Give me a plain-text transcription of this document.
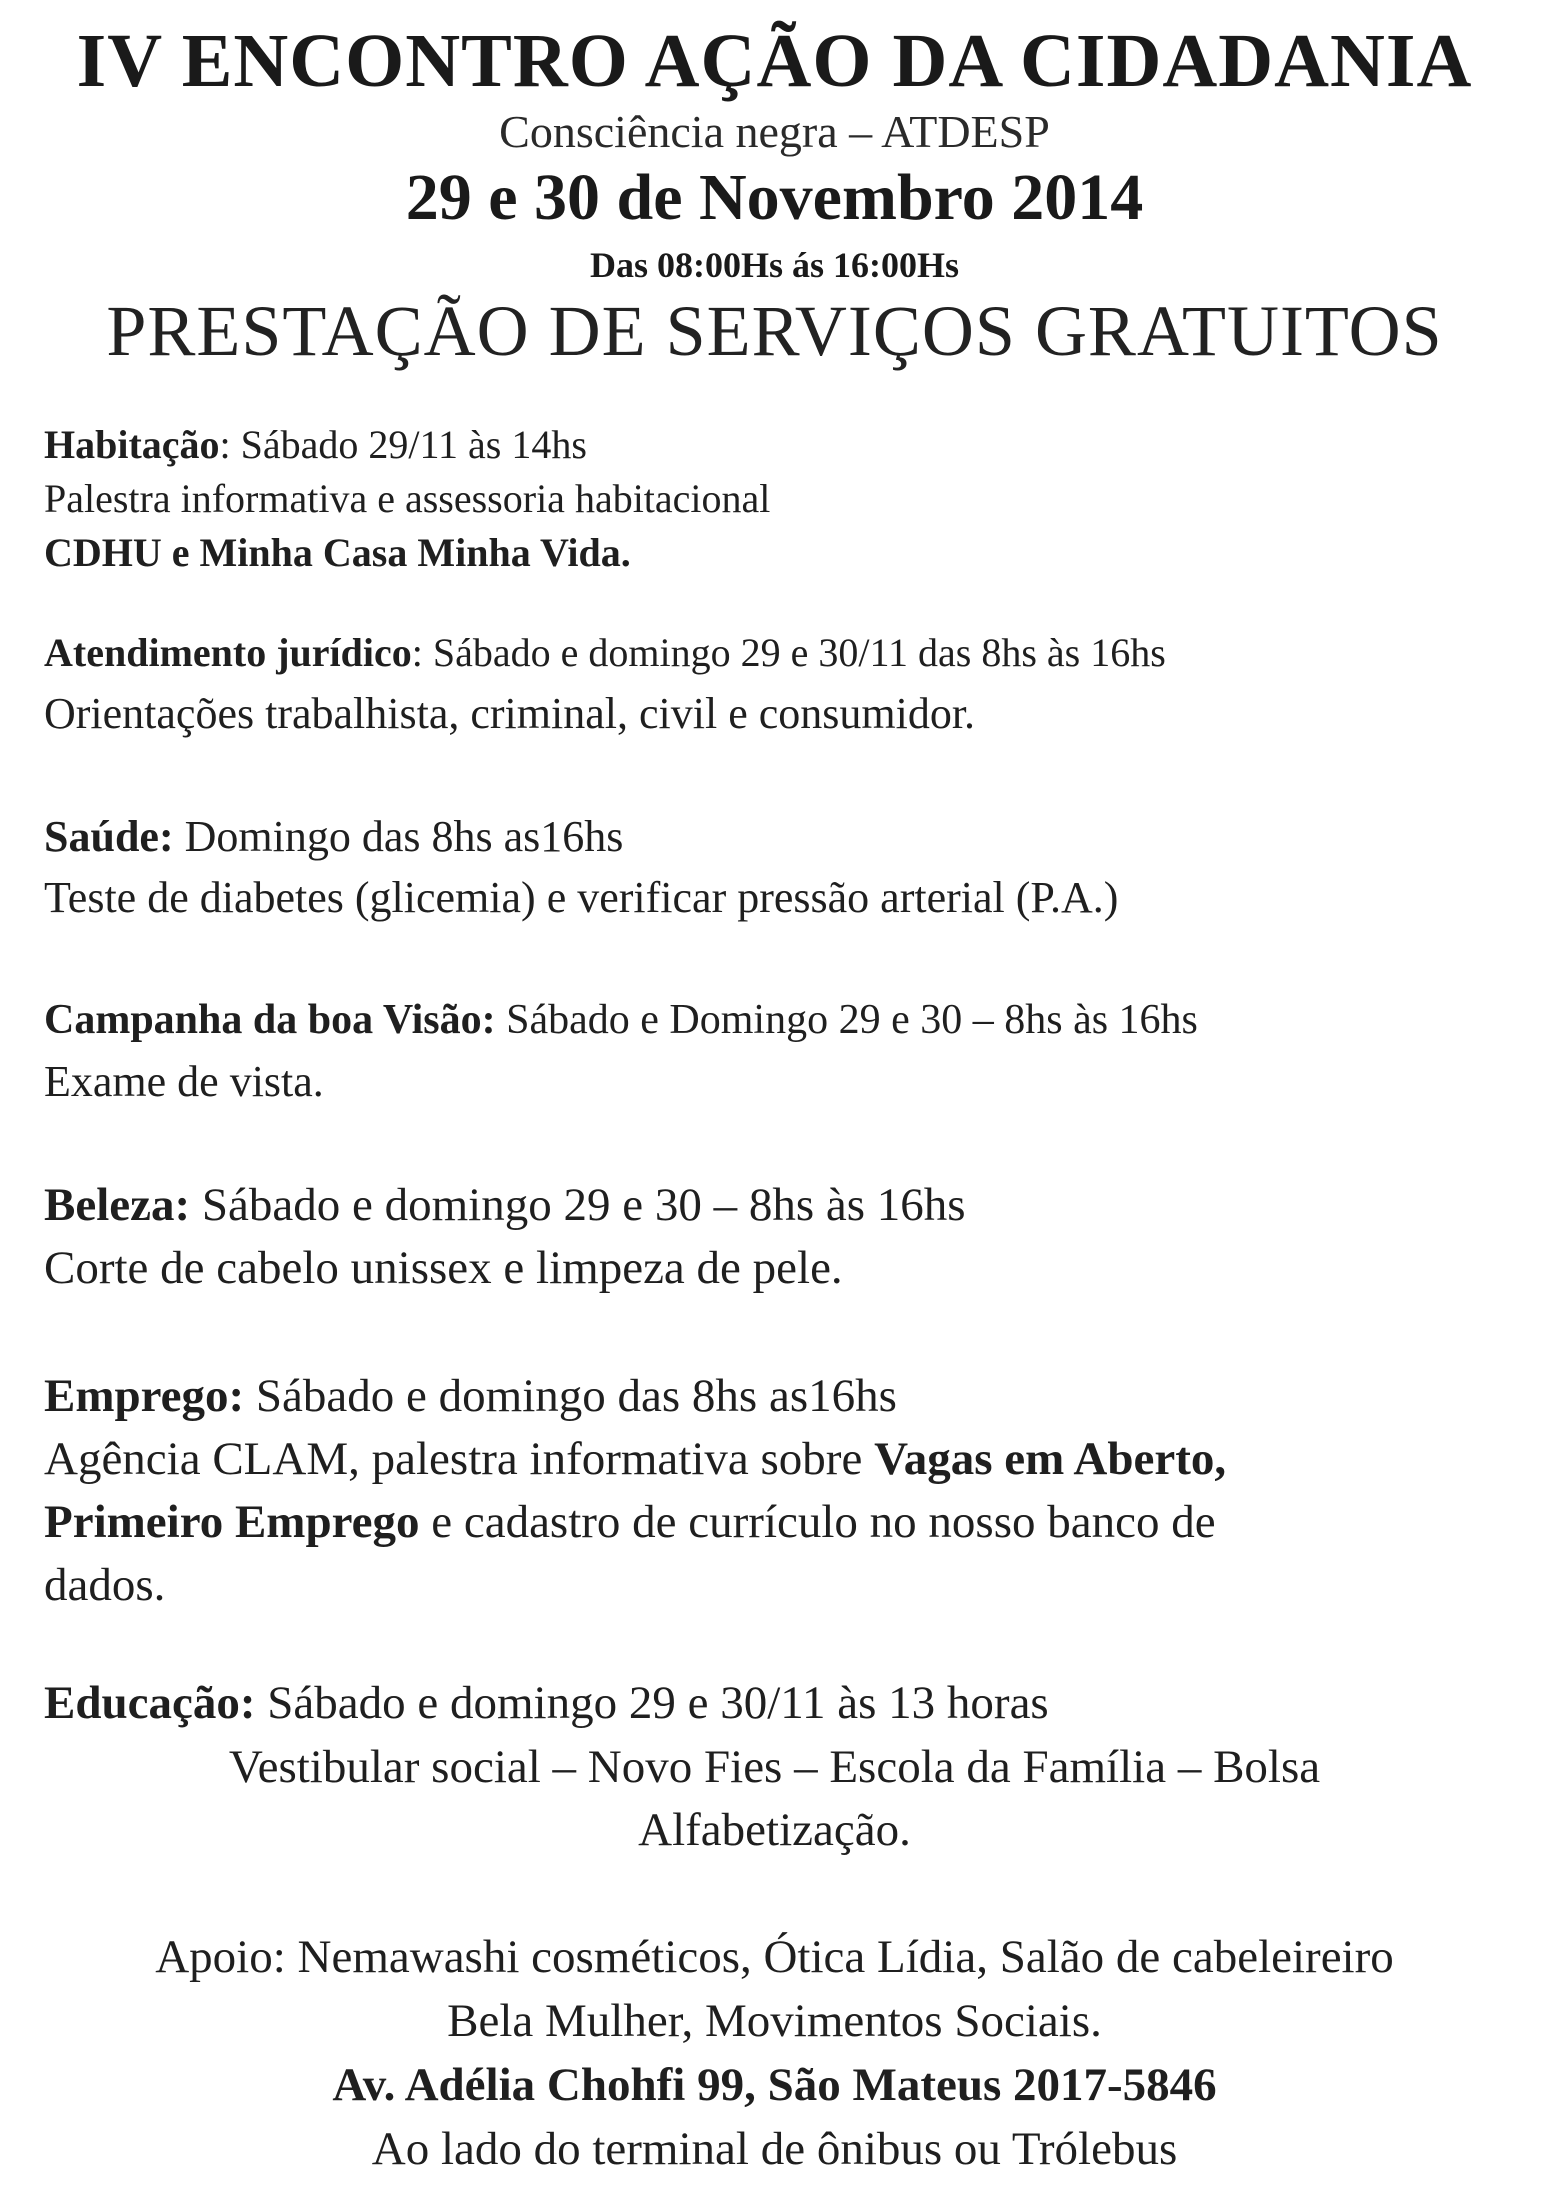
IV ENCONTRO AÇÃO DA CIDADANIA
Consciência negra – ATDESP
29 e 30 de Novembro 2014
Das 08:00Hs ás 16:00Hs
PRESTAÇÃO DE SERVIÇOS GRATUITOS
Habitação: Sábado 29/11 às 14hs
Palestra informativa e assessoria habitacional
CDHU e Minha Casa Minha Vida.
Atendimento jurídico: Sábado e domingo 29 e 30/11 das 8hs às 16hs
Orientações trabalhista, criminal, civil e consumidor.
Saúde: Domingo das 8hs as16hs
Teste de diabetes (glicemia) e verificar pressão arterial (P.A.)
Campanha da boa Visão: Sábado e Domingo 29 e 30 – 8hs às 16hs
Exame de vista.
Beleza: Sábado e domingo 29 e 30 – 8hs às 16hs
Corte de cabelo unissex e limpeza de pele.
Emprego: Sábado e domingo das 8hs as16hs
Agência CLAM, palestra informativa sobre Vagas em Aberto,
Primeiro Emprego e cadastro de currículo no nosso banco de
dados.
Educação: Sábado e domingo 29 e 30/11 às 13 horas
Vestibular social – Novo Fies – Escola da Família – Bolsa
Alfabetização.
Apoio: Nemawashi cosméticos, Ótica Lídia, Salão de cabeleireiro
Bela Mulher, Movimentos Sociais.
Av. Adélia Chohfi 99, São Mateus 2017-5846
Ao lado do terminal de ônibus ou Trólebus
